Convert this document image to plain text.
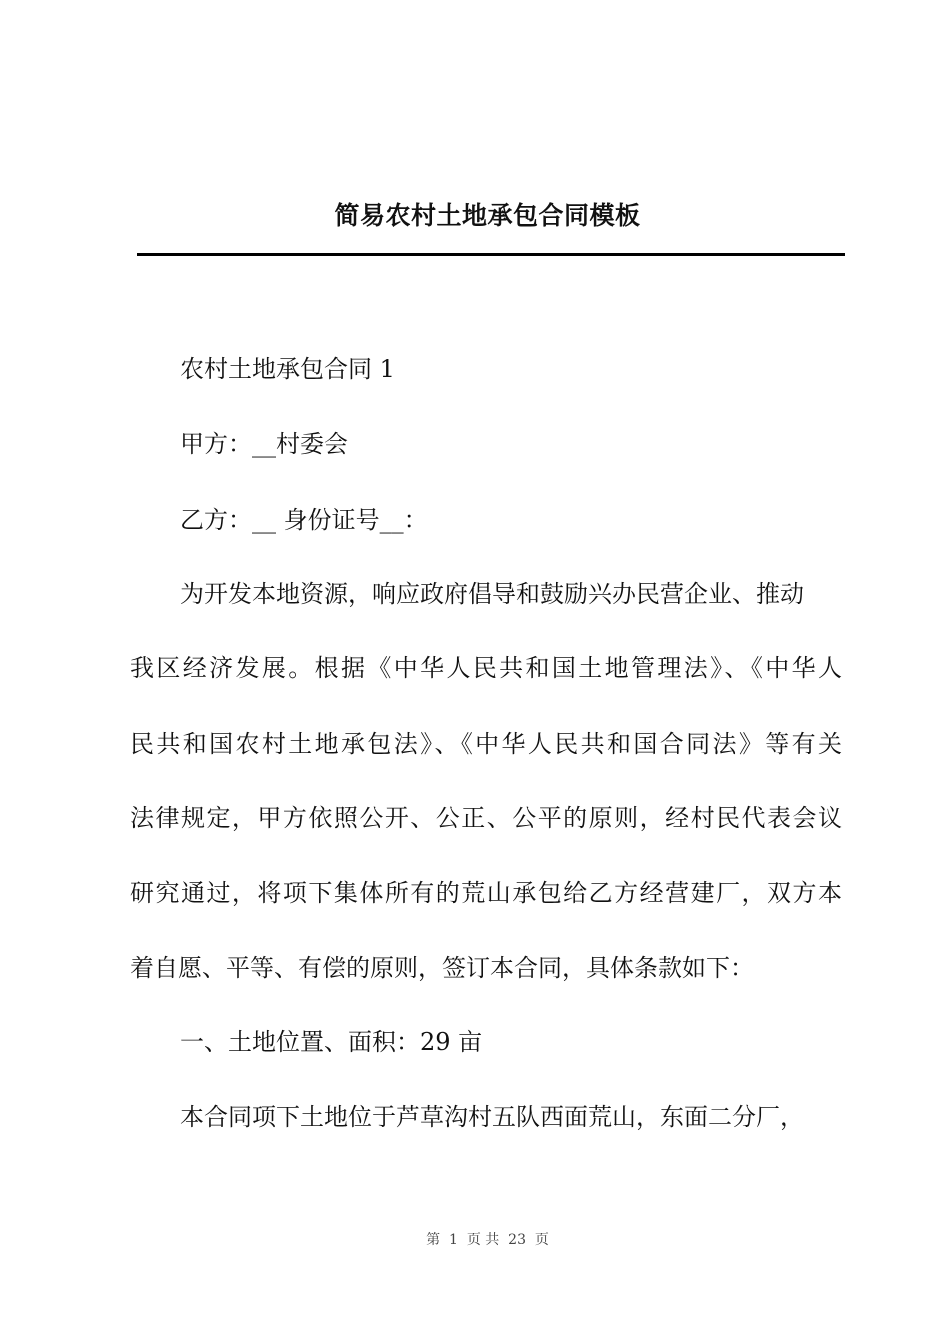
简易农村土地承包合同模板
农村土地承包合同 1
甲方：__村委会
乙方：__ 身份证号__：
为开发本地资源，响应政府倡导和鼓励兴办民营企业、推动
我区经济发展。根据《中华人民共和国土地管理法》、《中华人
民共和国农村土地承包法》、《中华人民共和国合同法》等有关
法律规定，甲方依照公开、公正、公平的原则，经村民代表会议
研究通过，将项下集体所有的荒山承包给乙方经营建厂，双方本
着自愿、平等、有偿的原则，签订本合同，具体条款如下：
一、土地位置、面积：29 亩
本合同项下土地位于芦草沟村五队西面荒山，东面二分厂，
第  1  页 共  23  页
